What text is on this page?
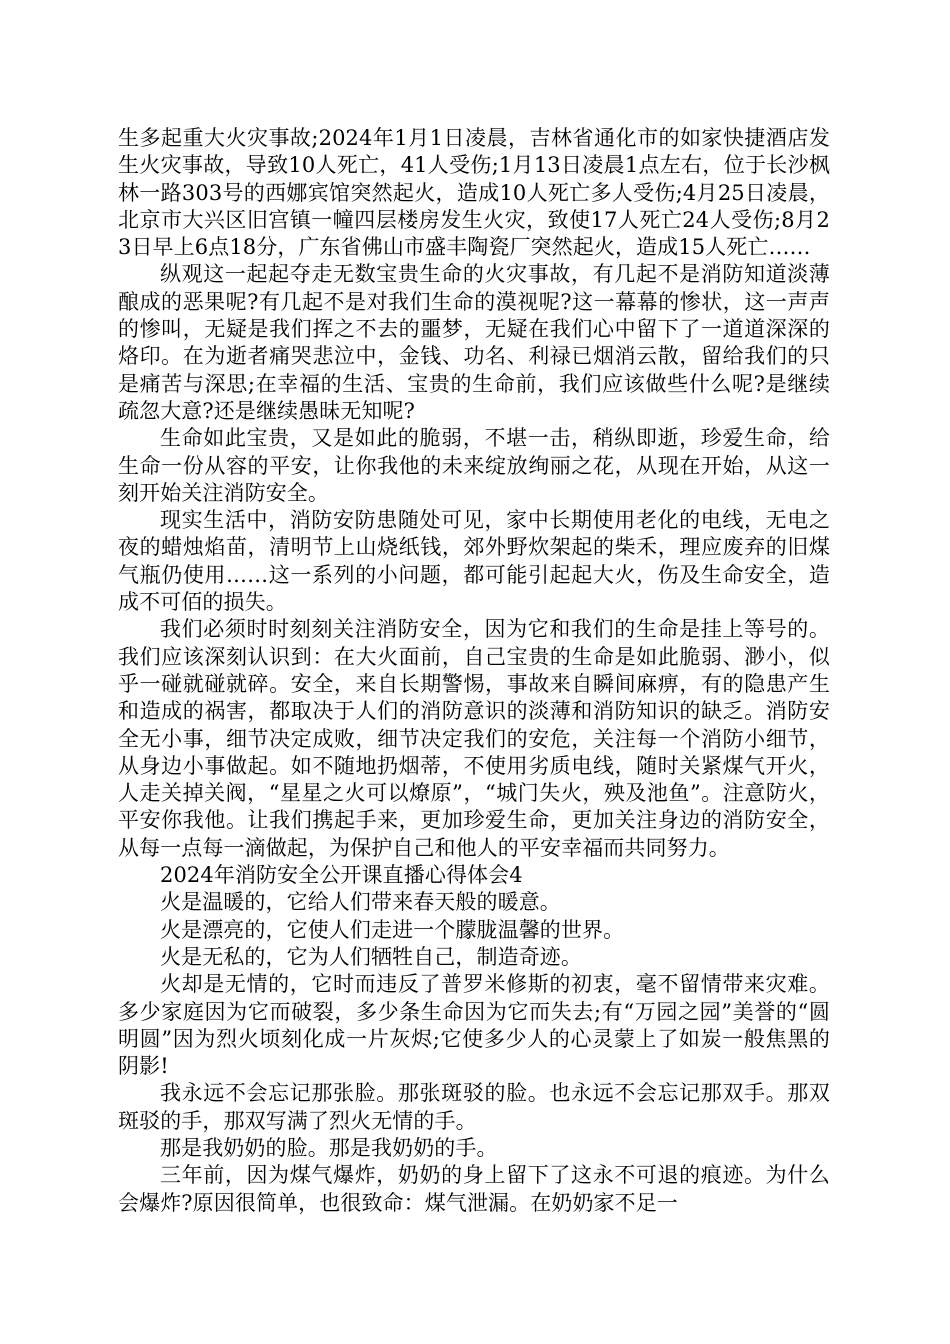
生多起重大火灾事故;2024年1月1日凌晨，吉林省通化市的如家快捷酒店发生火灾事故，导致10人死亡，41人受伤;1月13日凌晨1点左右，位于长沙枫林一路303号的西娜宾馆突然起火，造成10人死亡多人受伤;4月25日凌晨，北京市大兴区旧宫镇一幢四层楼房发生火灾，致使17人死亡24人受伤;8月23日早上6点18分，广东省佛山市盛丰陶瓷厂突然起火，造成15人死亡……

纵观这一起起夺走无数宝贵生命的火灾事故，有几起不是消防知道淡薄酿成的恶果呢?有几起不是对我们生命的漠视呢?这一幕幕的惨状，这一声声的惨叫，无疑是我们挥之不去的噩梦，无疑在我们心中留下了一道道深深的烙印。在为逝者痛哭悲泣中，金钱、功名、利禄已烟消云散，留给我们的只是痛苦与深思;在幸福的生活、宝贵的生命前，我们应该做些什么呢?是继续疏忽大意?还是继续愚昧无知呢?

生命如此宝贵，又是如此的脆弱，不堪一击，稍纵即逝，珍爱生命，给生命一份从容的平安，让你我他的未来绽放绚丽之花，从现在开始，从这一刻开始关注消防安全。

现实生活中，消防安防患随处可见，家中长期使用老化的电线，无电之夜的蜡烛焰苗，清明节上山烧纸钱，郊外野炊架起的柴禾，理应废弃的旧煤气瓶仍使用……这一系列的小问题，都可能引起起大火，伤及生命安全，造成不可佰的损失。

我们必须时时刻刻关注消防安全，因为它和我们的生命是挂上等号的。我们应该深刻认识到：在大火面前，自己宝贵的生命是如此脆弱、渺小，似乎一碰就碰就碎。安全，来自长期警惕，事故来自瞬间麻痹，有的隐患产生和造成的祸害，都取决于人们的消防意识的淡薄和消防知识的缺乏。消防安全无小事，细节决定成败，细节决定我们的安危，关注每一个消防小细节，从身边小事做起。如不随地扔烟蒂，不使用劣质电线，随时关紧煤气开火，人走关掉关阀，“星星之火可以燎原”，“城门失火，殃及池鱼”。注意防火，平安你我他。让我们携起手来，更加珍爱生命，更加关注身边的消防安全，从每一点每一滴做起，为保护自己和他人的平安幸福而共同努力。

2024年消防安全公开课直播心得体会4

火是温暖的，它给人们带来春天般的暖意。

火是漂亮的，它使人们走进一个朦胧温馨的世界。

火是无私的，它为人们牺牲自己，制造奇迹。

火却是无情的，它时而违反了普罗米修斯的初衷，毫不留情带来灾难。多少家庭因为它而破裂，多少条生命因为它而失去;有“万园之园”美誉的“圆明圆”因为烈火顷刻化成一片灰烬;它使多少人的心灵蒙上了如炭一般焦黑的阴影!

我永远不会忘记那张脸。那张斑驳的脸。也永远不会忘记那双手。那双斑驳的手，那双写满了烈火无情的手。

那是我奶奶的脸。那是我奶奶的手。

三年前，因为煤气爆炸，奶奶的身上留下了这永不可退的痕迹。为什么会爆炸?原因很简单，也很致命：煤气泄漏。在奶奶家不足一
